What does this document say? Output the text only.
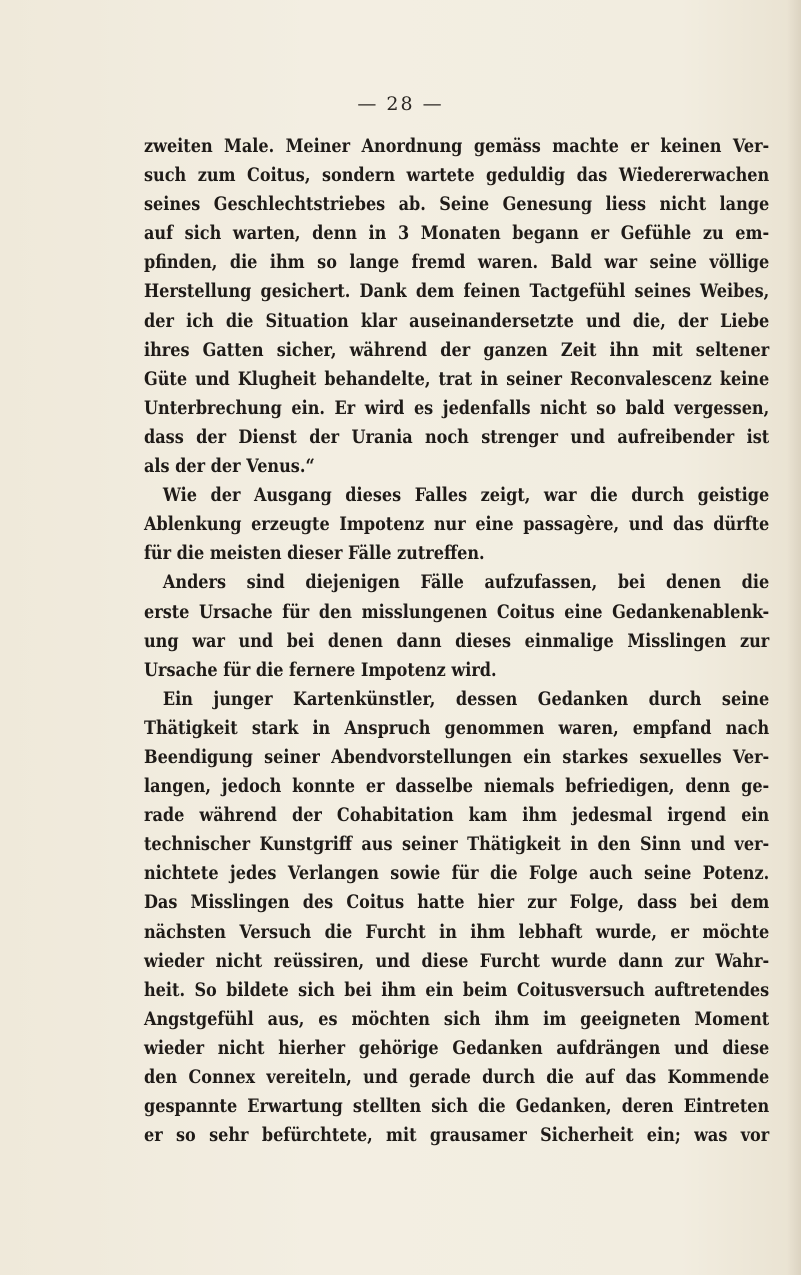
— 28 —
zweiten Male. Meiner Anordnung gemäss machte er keinen Ver-
such zum Coitus, sondern wartete geduldig das Wiedererwachen
seines Geschlechtstriebes ab. Seine Genesung liess nicht lange
auf sich warten, denn in 3 Monaten begann er Gefühle zu em-
pfinden, die ihm so lange fremd waren. Bald war seine völlige
Herstellung gesichert. Dank dem feinen Tactgefühl seines Weibes,
der ich die Situation klar auseinandersetzte und die, der Liebe
ihres Gatten sicher, während der ganzen Zeit ihn mit seltener
Güte und Klugheit behandelte, trat in seiner Reconvalescenz keine
Unterbrechung ein. Er wird es jedenfalls nicht so bald vergessen,
dass der Dienst der Urania noch strenger und aufreibender ist
als der der Venus.“
Wie der Ausgang dieses Falles zeigt, war die durch geistige
Ablenkung erzeugte Impotenz nur eine passagère, und das dürfte
für die meisten dieser Fälle zutreffen.
Anders sind diejenigen Fälle aufzufassen, bei denen die
erste Ursache für den misslungenen Coitus eine Gedankenablenk-
ung war und bei denen dann dieses einmalige Misslingen zur
Ursache für die fernere Impotenz wird.
Ein junger Kartenkünstler, dessen Gedanken durch seine
Thätigkeit stark in Anspruch genommen waren, empfand nach
Beendigung seiner Abendvorstellungen ein starkes sexuelles Ver-
langen, jedoch konnte er dasselbe niemals befriedigen, denn ge-
rade während der Cohabitation kam ihm jedesmal irgend ein
technischer Kunstgriff aus seiner Thätigkeit in den Sinn und ver-
nichtete jedes Verlangen sowie für die Folge auch seine Potenz.
Das Misslingen des Coitus hatte hier zur Folge, dass bei dem
nächsten Versuch die Furcht in ihm lebhaft wurde, er möchte
wieder nicht reüssiren, und diese Furcht wurde dann zur Wahr-
heit. So bildete sich bei ihm ein beim Coitusversuch auftretendes
Angstgefühl aus, es möchten sich ihm im geeigneten Moment
wieder nicht hierher gehörige Gedanken aufdrängen und diese
den Connex vereiteln, und gerade durch die auf das Kommende
gespannte Erwartung stellten sich die Gedanken, deren Eintreten
er so sehr befürchtete, mit grausamer Sicherheit ein; was vor
